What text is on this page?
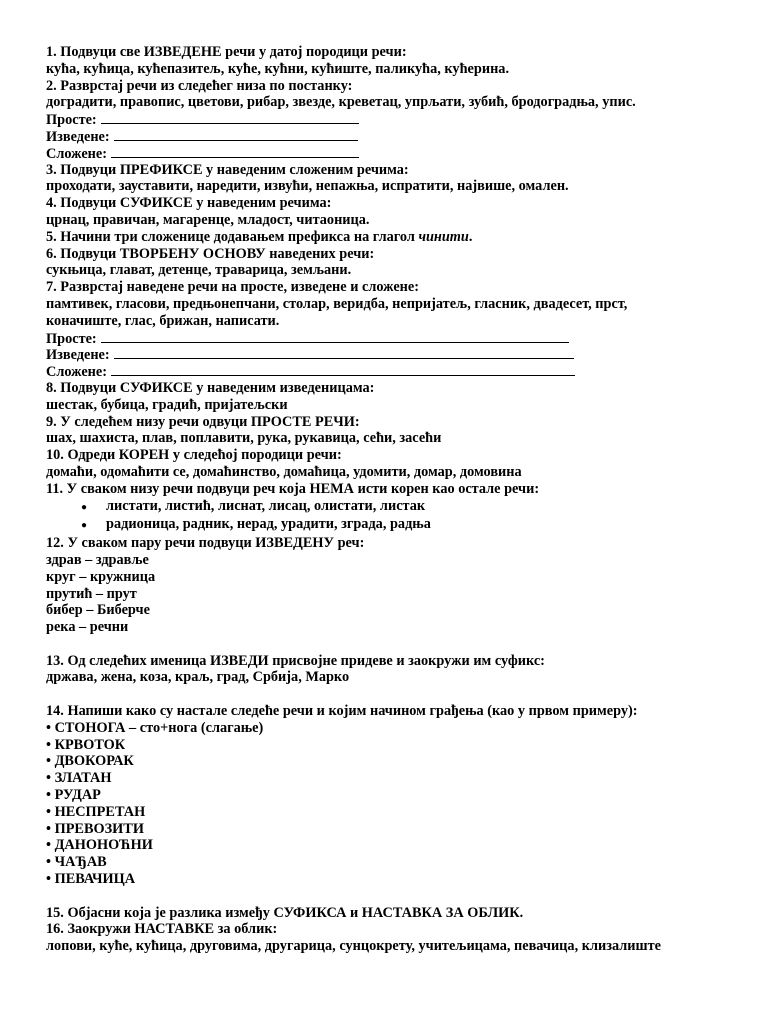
1. Подвуци све ИЗВЕДЕНЕ речи у датој породици речи:
кућа, кућица, кућепазитељ, куће, кућни, кућиште, паликућа, кућерина.
2. Разврстај речи из следећег низа по постанку:
доградити, правопис, цветови, рибар, звезде, креветац, упрљати, зубић, бродоградња, упис.
Просте:
Изведене:
Сложене:
3. Подвуци ПРЕФИКСЕ у наведеним сложеним речима:
проходати, зауставити, наредити, извући, непажња, испратити, највише, омален.
4. Подвуци СУФИКСЕ у наведеним речима:
црнац, правичан, магаренце, младост, читаоница.
5. Начини три сложенице додавањем префикса на глагол чинити.
6. Подвуци ТВОРБЕНУ ОСНОВУ наведених речи:
сукњица, глават, детенце, траварица, земљани.
7. Разврстај наведене речи на просте, изведене и сложене:
памтивек, гласови, предњонепчани, столар, веридба, непријатељ, гласник, двадесет, прст,
коначиште, глас, брижан, написати.
Просте:
Изведене:
Сложене:
8. Подвуци СУФИКСЕ у наведеним изведеницама:
шестак, бубица, градић, пријатељски
9. У следећем низу речи одвуци ПРОСТЕ РЕЧИ:
шах, шахиста, плав, поплавити, рука, рукавица, сећи, засећи
10. Одреди КОРЕН у следећој породици речи:
домаћи, одомаћити се, домаћинство, домаћица, удомити, домар, домовина
11. У сваком низу речи подвуци реч која НЕМА исти корен као остале речи:
● листати, листић, лиснат, лисац, олистати, листак
● радионица, радник, нерад, урадити, зграда, радња
12. У сваком пару речи подвуци ИЗВЕДЕНУ реч:
здрав – здравље
круг – кружница
прутић – прут
бибер – Биберче
река – речни
13. Од следећих именица ИЗВЕДИ присвојне придеве и заокружи им суфикс:
држава, жена, коза, краљ, град, Србија, Марко
14. Напиши како су настале следеће речи и којим начином грађења (као у првом примеру):
• СТОНОГА – сто+нога (слагање)
• КРВОТОК
• ДВОКОРАК
• ЗЛАТАН
• РУДАР
• НЕСПРЕТАН
• ПРЕВОЗИТИ
• ДАНОНОЋНИ
• ЧАЂАВ
• ПЕВАЧИЦА
15. Објасни која је разлика између СУФИКСА и НАСТАВКА ЗА ОБЛИК.
16. Заокружи НАСТАВКЕ за облик:
лопови, куће, кућица, друговима, другарица, сунцокрету, учитељицама, певачица, клизалиште
